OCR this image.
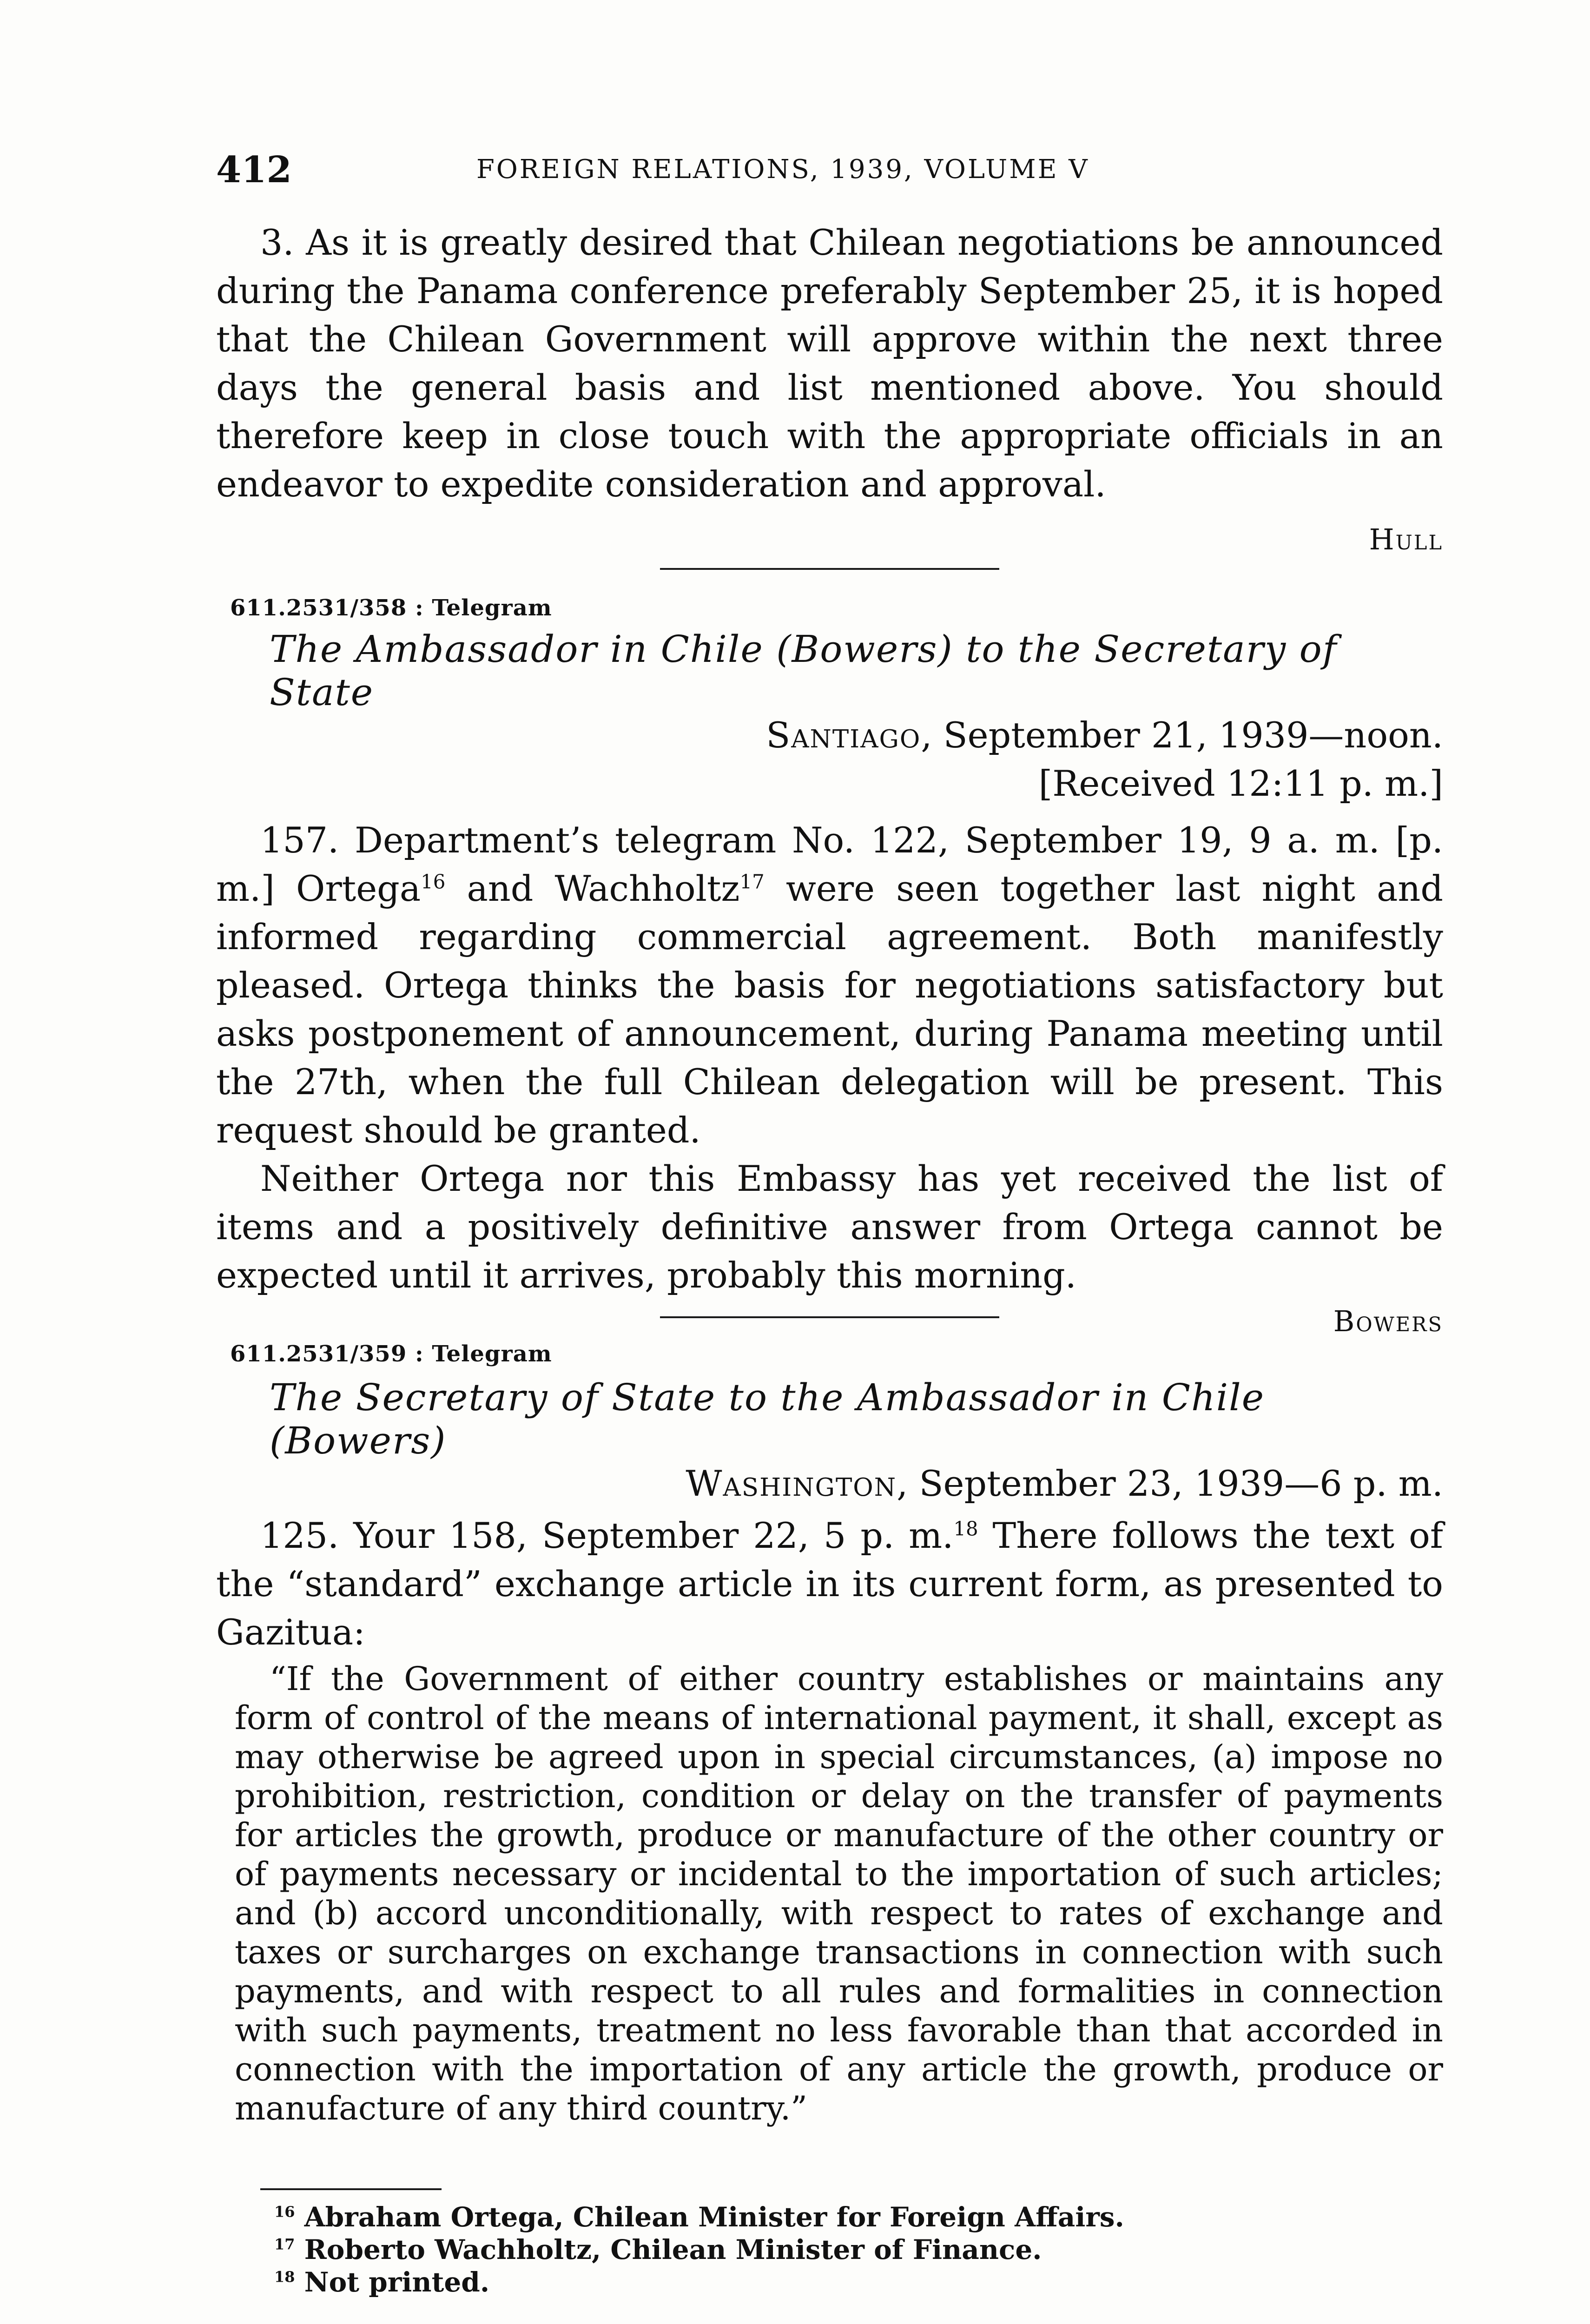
412	FOREIGN RELATIONS, 1939, VOLUME V

3. As it is greatly desired that Chilean negotiations be announced during the Panama conference preferably September 25, it is hoped that the Chilean Government will approve within the next three days the general basis and list mentioned above. You should therefore keep in close touch with the appropriate officials in an endeavor to expedite consideration and approval.

Hull

611.2531/358 : Telegram
The Ambassador in Chile (Bowers) to the Secretary of State

Santiago, September 21, 1939—noon.

[Received 12:11 p. m.]

157. Department’s telegram No. 122, September 19, 9 a. m. [p. m.] Ortega$^{16}$ and Wachholtz$^{17}$ were seen together last night and informed regarding commercial agreement. Both manifestly pleased. Ortega thinks the basis for negotiations satisfactory but asks postponement of announcement, during Panama meeting until the 27th, when the full Chilean delegation will be present. This request should be granted.

Neither Ortega nor this Embassy has yet received the list of items and a positively definitive answer from Ortega cannot be expected until it arrives, probably this morning.

Bowers

611.2531/359 : Telegram
The Secretary of State to the Ambassador in Chile (Bowers)

Washington, September 23, 1939—6 p. m.

125. Your 158, September 22, 5 p. m.$^{18}$ There follows the text of the “standard” exchange article in its current form, as presented to Gazitua:

“If the Government of either country establishes or maintains any form of control of the means of international payment, it shall, except as may otherwise be agreed upon in special circumstances, (a) impose no prohibition, restriction, condition or delay on the transfer of payments for articles the growth, produce or manufacture of the other country or of payments necessary or incidental to the importation of such articles; and (b) accord unconditionally, with respect to rates of exchange and taxes or surcharges on exchange transactions in connection with such payments, and with respect to all rules and formalities in connection with such payments, treatment no less favorable than that accorded in connection with the importation of any article the growth, produce or manufacture of any third country.”

$^{16}$ Abraham Ortega, Chilean Minister for Foreign Affairs.

$^{17}$ Roberto Wachholtz, Chilean Minister of Finance.

$^{18}$ Not printed.
